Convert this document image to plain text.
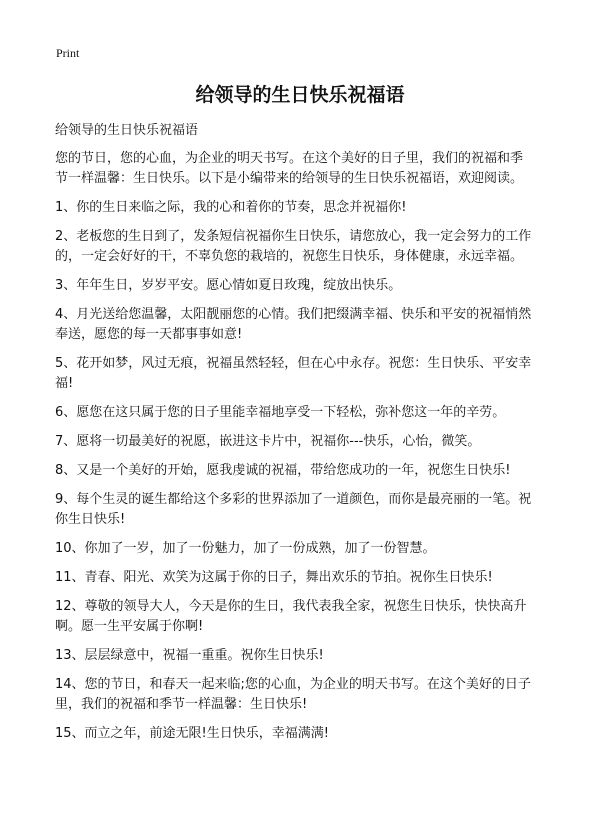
Print
给领导的生日快乐祝福语

给领导的生日快乐祝福语

您的节日，您的心血，为企业的明天书写。在这个美好的日子里，我们的祝福和季节一样温馨：生日快乐。以下是小编带来的给领导的生日快乐祝福语，欢迎阅读。

1、你的生日来临之际，我的心和着你的节奏，思念并祝福你!

2、老板您的生日到了，发条短信祝福你生日快乐，请您放心，我一定会努力的工作的，一定会好好的干，不辜负您的栽培的，祝您生日快乐，身体健康，永远幸福。

3、年年生日，岁岁平安。愿心情如夏日玫瑰，绽放出快乐。

4、月光送给您温馨，太阳靓丽您的心情。我们把缀满幸福、快乐和平安的祝福悄然奉送，愿您的每一天都事事如意!

5、花开如梦，风过无痕，祝福虽然轻轻，但在心中永存。祝您：生日快乐、平安幸福!

6、愿您在这只属于您的日子里能幸福地享受一下轻松，弥补您这一年的辛劳。

7、愿将一切最美好的祝愿，嵌进这卡片中，祝福你---快乐，心怡，微笑。

8、又是一个美好的开始，愿我虔诚的祝福，带给您成功的一年，祝您生日快乐!

9、每个生灵的诞生都给这个多彩的世界添加了一道颜色，而你是最亮丽的一笔。祝你生日快乐!

10、你加了一岁，加了一份魅力，加了一份成熟，加了一份智慧。

11、青春、阳光、欢笑为这属于你的日子，舞出欢乐的节拍。祝你生日快乐!

12、尊敬的领导大人，今天是你的生日，我代表我全家，祝您生日快乐，快快高升啊。愿一生平安属于你啊!

13、层层绿意中，祝福一重重。祝你生日快乐!

14、您的节日，和春天一起来临;您的心血，为企业的明天书写。在这个美好的日子里，我们的祝福和季节一样温馨：生日快乐!

15、而立之年，前途无限!生日快乐，幸福满满!
